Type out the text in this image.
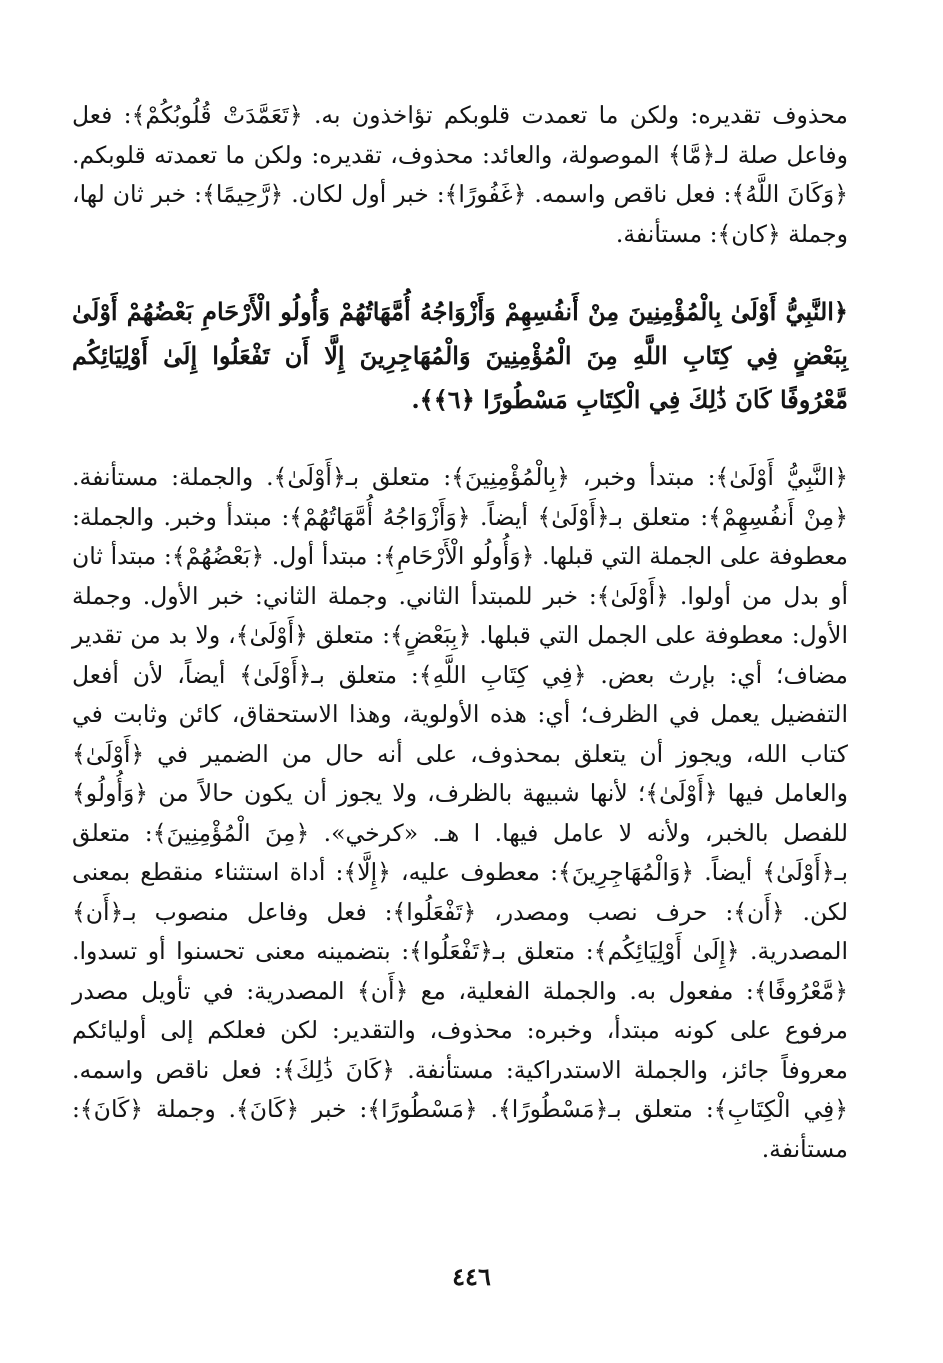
محذوف تقديره: ولكن ما تعمدت قلوبكم تؤاخذون به. ﴿تَعَمَّدَتْ قُلُوبُكُمْ﴾: فعل وفاعل صلة لـ﴿مَّا﴾ الموصولة، والعائد: محذوف، تقديره: ولكن ما تعمدته قلوبكم. ﴿وَكَانَ اللَّهُ﴾: فعل ناقص واسمه. ﴿غَفُورًا﴾: خبر أول لكان. ﴿رَّحِيمًا﴾: خبر ثان لها، وجملة ﴿كان﴾: مستأنفة.

﴿النَّبِيُّ أَوْلَىٰ بِالْمُؤْمِنِينَ مِنْ أَنفُسِهِمْ وَأَزْوَاجُهُ أُمَّهَاتُهُمْ وَأُولُو الْأَرْحَامِ بَعْضُهُمْ أَوْلَىٰ بِبَعْضٍ فِي كِتَابِ اللَّهِ مِنَ الْمُؤْمِنِينَ وَالْمُهَاجِرِينَ إِلَّا أَن تَفْعَلُوا إِلَىٰ أَوْلِيَائِكُم مَّعْرُوفًا كَانَ ذَٰلِكَ فِي الْكِتَابِ مَسْطُورًا ﴿٦﴾﴾.

﴿النَّبِيُّ أَوْلَىٰ﴾: مبتدأ وخبر، ﴿بِالْمُؤْمِنِينَ﴾: متعلق بـ﴿أَوْلَىٰ﴾. والجملة: مستأنفة. ﴿مِنْ أَنفُسِهِمْ﴾: متعلق بـ﴿أَوْلَىٰ﴾ أيضاً. ﴿وَأَزْوَاجُهُ أُمَّهَاتُهُمْ﴾: مبتدأ وخبر. والجملة: معطوفة على الجملة التي قبلها. ﴿وَأُولُو الْأَرْحَامِ﴾: مبتدأ أول. ﴿بَعْضُهُمْ﴾: مبتدأ ثان أو بدل من أولوا. ﴿أَوْلَىٰ﴾: خبر للمبتدأ الثاني. وجملة الثاني: خبر الأول. وجملة الأول: معطوفة على الجمل التي قبلها. ﴿بِبَعْضٍ﴾: متعلق ﴿أَوْلَىٰ﴾، ولا بد من تقدير مضاف؛ أي: بإرث بعض. ﴿فِي كِتَابِ اللَّهِ﴾: متعلق بـ﴿أَوْلَىٰ﴾ أيضاً، لأن أفعل التفضيل يعمل في الظرف؛ أي: هذه الأولوية، وهذا الاستحقاق، كائن وثابت في كتاب الله، ويجوز أن يتعلق بمحذوف، على أنه حال من الضمير في ﴿أَوْلَىٰ﴾ والعامل فيها ﴿أَوْلَىٰ﴾؛ لأنها شبيهة بالظرف، ولا يجوز أن يكون حالاً من ﴿وَأُولُو﴾ للفصل بالخبر، ولأنه لا عامل فيها. ا هـ. «كرخي». ﴿مِنَ الْمُؤْمِنِينَ﴾: متعلق بـ﴿أَوْلَىٰ﴾ أيضاً. ﴿وَالْمُهَاجِرِينَ﴾: معطوف عليه، ﴿إِلَّا﴾: أداة استثناء منقطع بمعنى لكن. ﴿أَن﴾: حرف نصب ومصدر، ﴿تَفْعَلُوا﴾: فعل وفاعل منصوب بـ﴿أَن﴾ المصدرية. ﴿إِلَىٰ أَوْلِيَائِكُم﴾: متعلق بـ﴿تَفْعَلُوا﴾: بتضمينه معنى تحسنوا أو تسدوا. ﴿مَّعْرُوفًا﴾: مفعول به. والجملة الفعلية، مع ﴿أَن﴾ المصدرية: في تأويل مصدر مرفوع على كونه مبتدأ، وخبره: محذوف، والتقدير: لكن فعلكم إلى أوليائكم معروفاً جائز، والجملة الاستدراكية: مستأنفة. ﴿كَانَ ذَٰلِكَ﴾: فعل ناقص واسمه. ﴿فِي الْكِتَابِ﴾: متعلق بـ﴿مَسْطُورًا﴾. ﴿مَسْطُورًا﴾: خبر ﴿كَانَ﴾. وجملة ﴿كَانَ﴾: مستأنفة.

٤٤٦
